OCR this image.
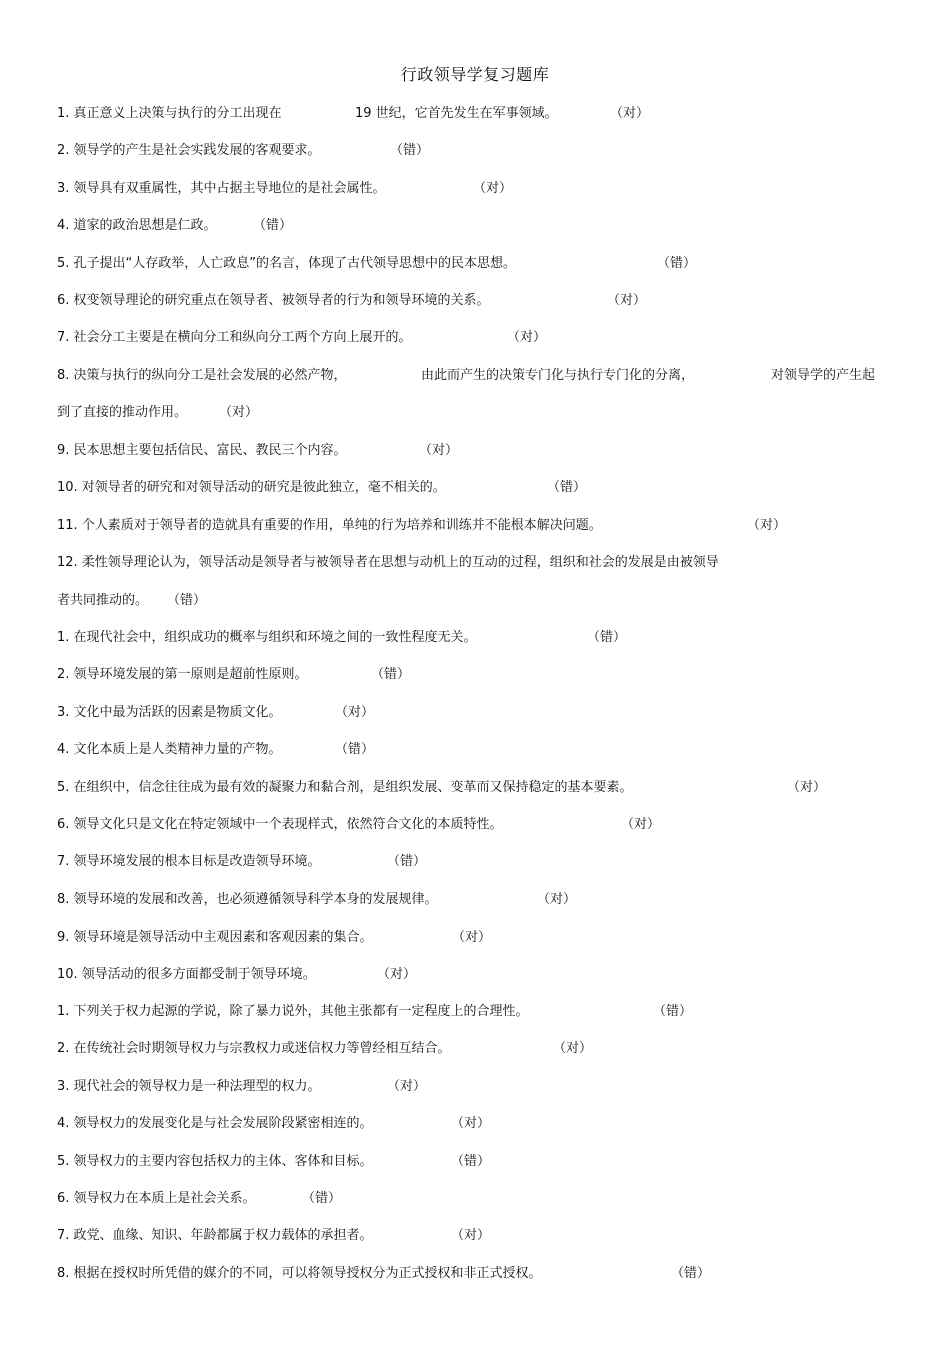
行政领导学复习题库
1. 真正意义上决策与执行的分工出现在	19 世纪，它首先发生在军事领域。	（对）
2. 领导学的产生是社会实践发展的客观要求。	（错）
3. 领导具有双重属性，其中占据主导地位的是社会属性。	（对）
4. 道家的政治思想是仁政。	（错）
5. 孔子提出“人存政举，人亡政息”的名言，体现了古代领导思想中的民本思想。	（错）
6. 权变领导理论的研究重点在领导者、被领导者的行为和领导环境的关系。	（对）
7. 社会分工主要是在横向分工和纵向分工两个方向上展开的。	（对）
8. 决策与执行的纵向分工是社会发展的必然产物，	由此而产生的决策专门化与执行专门化的分离，	对领导学的产生起
到了直接的推动作用。 （对）
9. 民本思想主要包括信民、富民、教民三个内容。	（对）
10. 对领导者的研究和对领导活动的研究是彼此独立，毫不相关的。	（错）
11. 个人素质对于领导者的造就具有重要的作用，单纯的行为培养和训练并不能根本解决问题。	（对）
12. 柔性领导理论认为，领导活动是领导者与被领导者在思想与动机上的互动的过程，组织和社会的发展是由被领导
者共同推动的。 （错）
1. 在现代社会中，组织成功的概率与组织和环境之间的一致性程度无关。	（错）
2. 领导环境发展的第一原则是超前性原则。	（错）
3. 文化中最为活跃的因素是物质文化。	（对）
4. 文化本质上是人类精神力量的产物。	（错）
5. 在组织中，信念往往成为最有效的凝聚力和黏合剂，是组织发展、变革而又保持稳定的基本要素。	（对）
6. 领导文化只是文化在特定领域中一个表现样式，依然符合文化的本质特性。	（对）
7. 领导环境发展的根本目标是改造领导环境。	（错）
8. 领导环境的发展和改善，也必须遵循领导科学本身的发展规律。	（对）
9. 领导环境是领导活动中主观因素和客观因素的集合。	（对）
10. 领导活动的很多方面都受制于领导环境。	（对）
1. 下列关于权力起源的学说，除了暴力说外，其他主张都有一定程度上的合理性。	（错）
2. 在传统社会时期领导权力与宗教权力或迷信权力等曾经相互结合。	（对）
3. 现代社会的领导权力是一种法理型的权力。	（对）
4. 领导权力的发展变化是与社会发展阶段紧密相连的。	（对）
5. 领导权力的主要内容包括权力的主体、客体和目标。	（错）
6. 领导权力在本质上是社会关系。	（错）
7. 政党、血缘、知识、年龄都属于权力载体的承担者。	（对）
8. 根据在授权时所凭借的媒介的不同，可以将领导授权分为正式授权和非正式授权。	（错）
